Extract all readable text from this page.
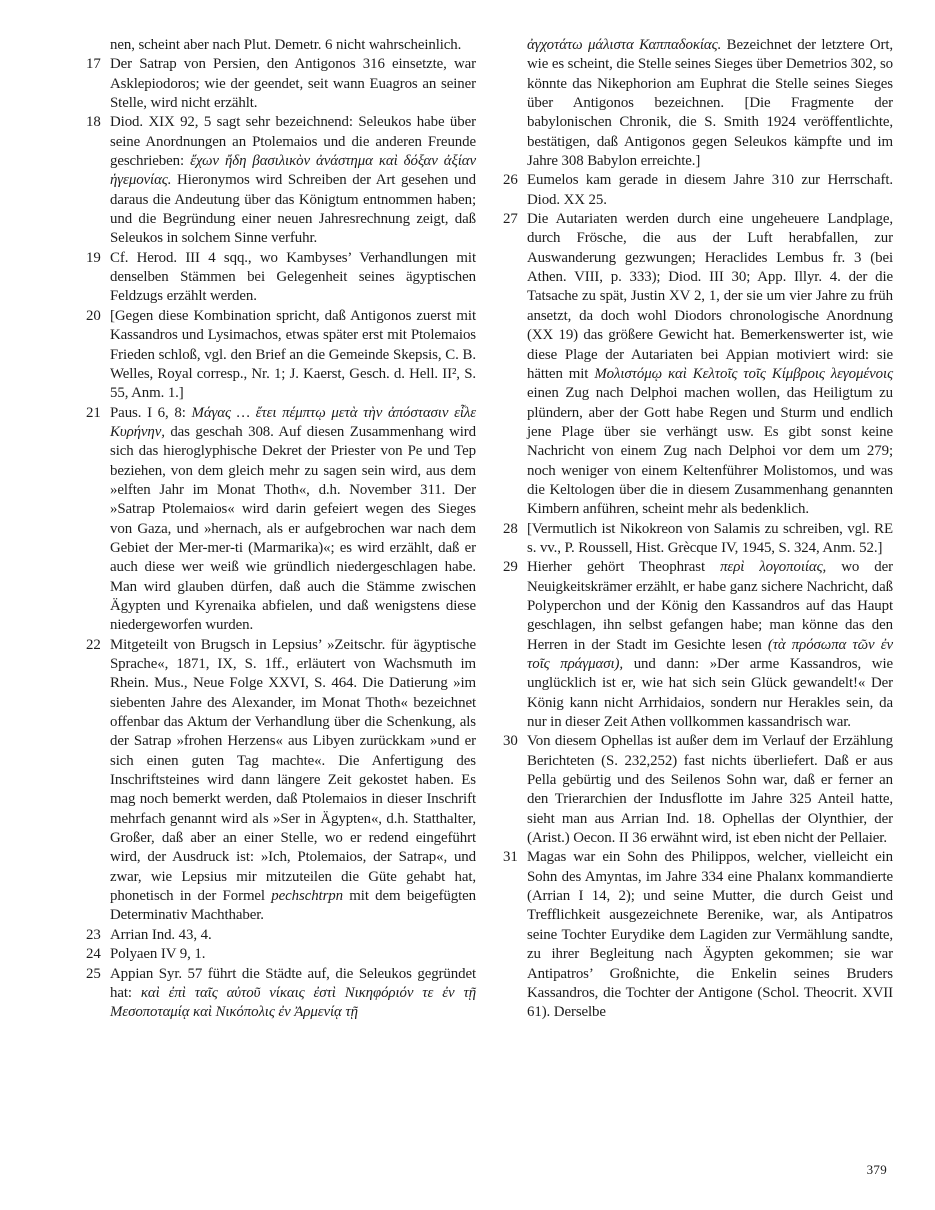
nen, scheint aber nach Plut. Demetr. 6 nicht wahrscheinlich.
17 Der Satrap von Persien, den Antigonos 316 einsetzte, war Asklepiodoros; wie der geendet, seit wann Euagros an seiner Stelle, wird nicht erzählt.
18 Diod. XIX 92, 5 sagt sehr bezeichnend: Seleukos habe über seine Anordnungen an Ptolemaios und die anderen Freunde geschrieben: ἔχων ἤδη βασιλικὸν ἀνάστημα καὶ δόξαν ἀξίαν ἡγεμονίας. Hieronymos wird Schreiben der Art gesehen und daraus die Andeutung über das Königtum entnommen haben; und die Begründung einer neuen Jahresrechnung zeigt, daß Seleukos in solchem Sinne verfuhr.
19 Cf. Herod. III 4 sqq., wo Kambyses’ Verhandlungen mit denselben Stämmen bei Gelegenheit seines ägyptischen Feldzugs erzählt werden.
20 [Gegen diese Kombination spricht, daß Antigonos zuerst mit Kassandros und Lysimachos, etwas später erst mit Ptolemaios Frieden schloß, vgl. den Brief an die Gemeinde Skepsis, C. B. Welles, Royal corresp., Nr. 1; J. Kaerst, Gesch. d. Hell. II², S. 55, Anm. 1.]
21 Paus. I 6, 8: Μάγας … ἔτει πέμπτῳ μετὰ τὴν ἀπόστασιν εἷλε Κυρήνην, das geschah 308. Auf diesen Zusammenhang wird sich das hieroglyphische Dekret der Priester von Pe und Tep beziehen, von dem gleich mehr zu sagen sein wird, aus dem »elften Jahr im Monat Thoth«, d.h. November 311. Der »Satrap Ptolemaios« wird darin gefeiert wegen des Sieges von Gaza, und »hernach, als er aufgebrochen war nach dem Gebiet der Mer-mer-ti (Marmarika)«; es wird erzählt, daß er auch diese wer weiß wie gründlich niedergeschlagen habe. Man wird glauben dürfen, daß auch die Stämme zwischen Ägypten und Kyrenaika abfielen, und daß wenigstens diese niedergeworfen wurden.
22 Mitgeteilt von Brugsch in Lepsius’ »Zeitschr. für ägyptische Sprache«, 1871, IX, S. 1ff., erläutert von Wachsmuth im Rhein. Mus., Neue Folge XXVI, S. 464. Die Datierung »im siebenten Jahre des Alexander, im Monat Thoth« bezeichnet offenbar das Aktum der Verhandlung über die Schenkung, als der Satrap »frohen Herzens« aus Libyen zurückkam »und er sich einen guten Tag machte«. Die Anfertigung des Inschriftsteines wird dann längere Zeit gekostet haben. Es mag noch bemerkt werden, daß Ptolemaios in dieser Inschrift mehrfach genannt wird als »Ser in Ägypten«, d.h. Statthalter, Großer, daß aber an einer Stelle, wo er redend eingeführt wird, der Ausdruck ist: »Ich, Ptolemaios, der Satrap«, und zwar, wie Lepsius mir mitzuteilen die Güte gehabt hat, phonetisch in der Formel pechschtrpn mit dem beigefügten Determinativ Machthaber.
23 Arrian Ind. 43, 4.
24 Polyaen IV 9, 1.
25 Appian Syr. 57 führt die Städte auf, die Seleukos gegründet hat: καὶ ἐπὶ ταῖς αὐτοῦ νίκαις ἐστὶ Νικηφόριόν τε ἐν τῇ Μεσοποταμίᾳ καὶ Νικόπολις ἐν Ἀρμενίᾳ τῇ
ἀγχοτάτω μάλιστα Καππαδοκίας. Bezeichnet der letztere Ort, wie es scheint, die Stelle seines Sieges über Demetrios 302, so könnte das Nikephorion am Euphrat die Stelle seines Sieges über Antigonos bezeichnen. [Die Fragmente der babylonischen Chronik, die S. Smith 1924 veröffentlichte, bestätigen, daß Antigonos gegen Seleukos kämpfte und im Jahre 308 Babylon erreichte.]
26 Eumelos kam gerade in diesem Jahre 310 zur Herrschaft. Diod. XX 25.
27 Die Autariaten werden durch eine ungeheuere Landplage, durch Frösche, die aus der Luft herabfallen, zur Auswanderung gezwungen; Heraclides Lembus fr. 3 (bei Athen. VIII, p. 333); Diod. III 30; App. Illyr. 4. der die Tatsache zu spät, Justin XV 2, 1, der sie um vier Jahre zu früh ansetzt, da doch wohl Diodors chronologische Anordnung (XX 19) das größere Gewicht hat. Bemerkenswerter ist, wie diese Plage der Autariaten bei Appian motiviert wird: sie hätten mit Μολιστόμῳ καὶ Κελτοῖς τοῖς Κίμβροις λεγομένοις einen Zug nach Delphoi machen wollen, das Heiligtum zu plündern, aber der Gott habe Regen und Sturm und endlich jene Plage über sie verhängt usw. Es gibt sonst keine Nachricht von einem Zug nach Delphoi vor dem um 279; noch weniger von einem Keltenführer Molistomos, und was die Keltologen über die in diesem Zusammenhang genannten Kimbern anführen, scheint mehr als bedenklich.
28 [Vermutlich ist Nikokreon von Salamis zu schreiben, vgl. RE s. vv., P. Roussell, Hist. Grècque IV, 1945, S. 324, Anm. 52.]
29 Hierher gehört Theophrast περὶ λογοποιίας, wo der Neuigkeitskrämer erzählt, er habe ganz sichere Nachricht, daß Polyperchon und der König den Kassandros auf das Haupt geschlagen, ihn selbst gefangen habe; man könne das den Herren in der Stadt im Gesichte lesen (τὰ πρόσωπα τῶν ἐν τοῖς πράγμασι), und dann: »Der arme Kassandros, wie unglücklich ist er, wie hat sich sein Glück gewandelt!« Der König kann nicht Arrhidaios, sondern nur Herakles sein, da nur in dieser Zeit Athen vollkommen kassandrisch war.
30 Von diesem Ophellas ist außer dem im Verlauf der Erzählung Berichteten (S. 232,252) fast nichts überliefert. Daß er aus Pella gebürtig und des Seilenos Sohn war, daß er ferner an den Trierarchien der Indusflotte im Jahre 325 Anteil hatte, sieht man aus Arrian Ind. 18. Ophellas der Olynthier, der (Arist.) Oecon. II 36 erwähnt wird, ist eben nicht der Pellaier.
31 Magas war ein Sohn des Philippos, welcher, vielleicht ein Sohn des Amyntas, im Jahre 334 eine Phalanx kommandierte (Arrian I 14, 2); und seine Mutter, die durch Geist und Trefflichkeit ausgezeichnete Berenike, war, als Antipatros seine Tochter Eurydike dem Lagiden zur Vermählung sandte, zu ihrer Begleitung nach Ägypten gekommen; sie war Antipatros’ Großnichte, die Enkelin seines Bruders Kassandros, die Tochter der Antigone (Schol. Theocrit. XVII 61). Derselbe
379
